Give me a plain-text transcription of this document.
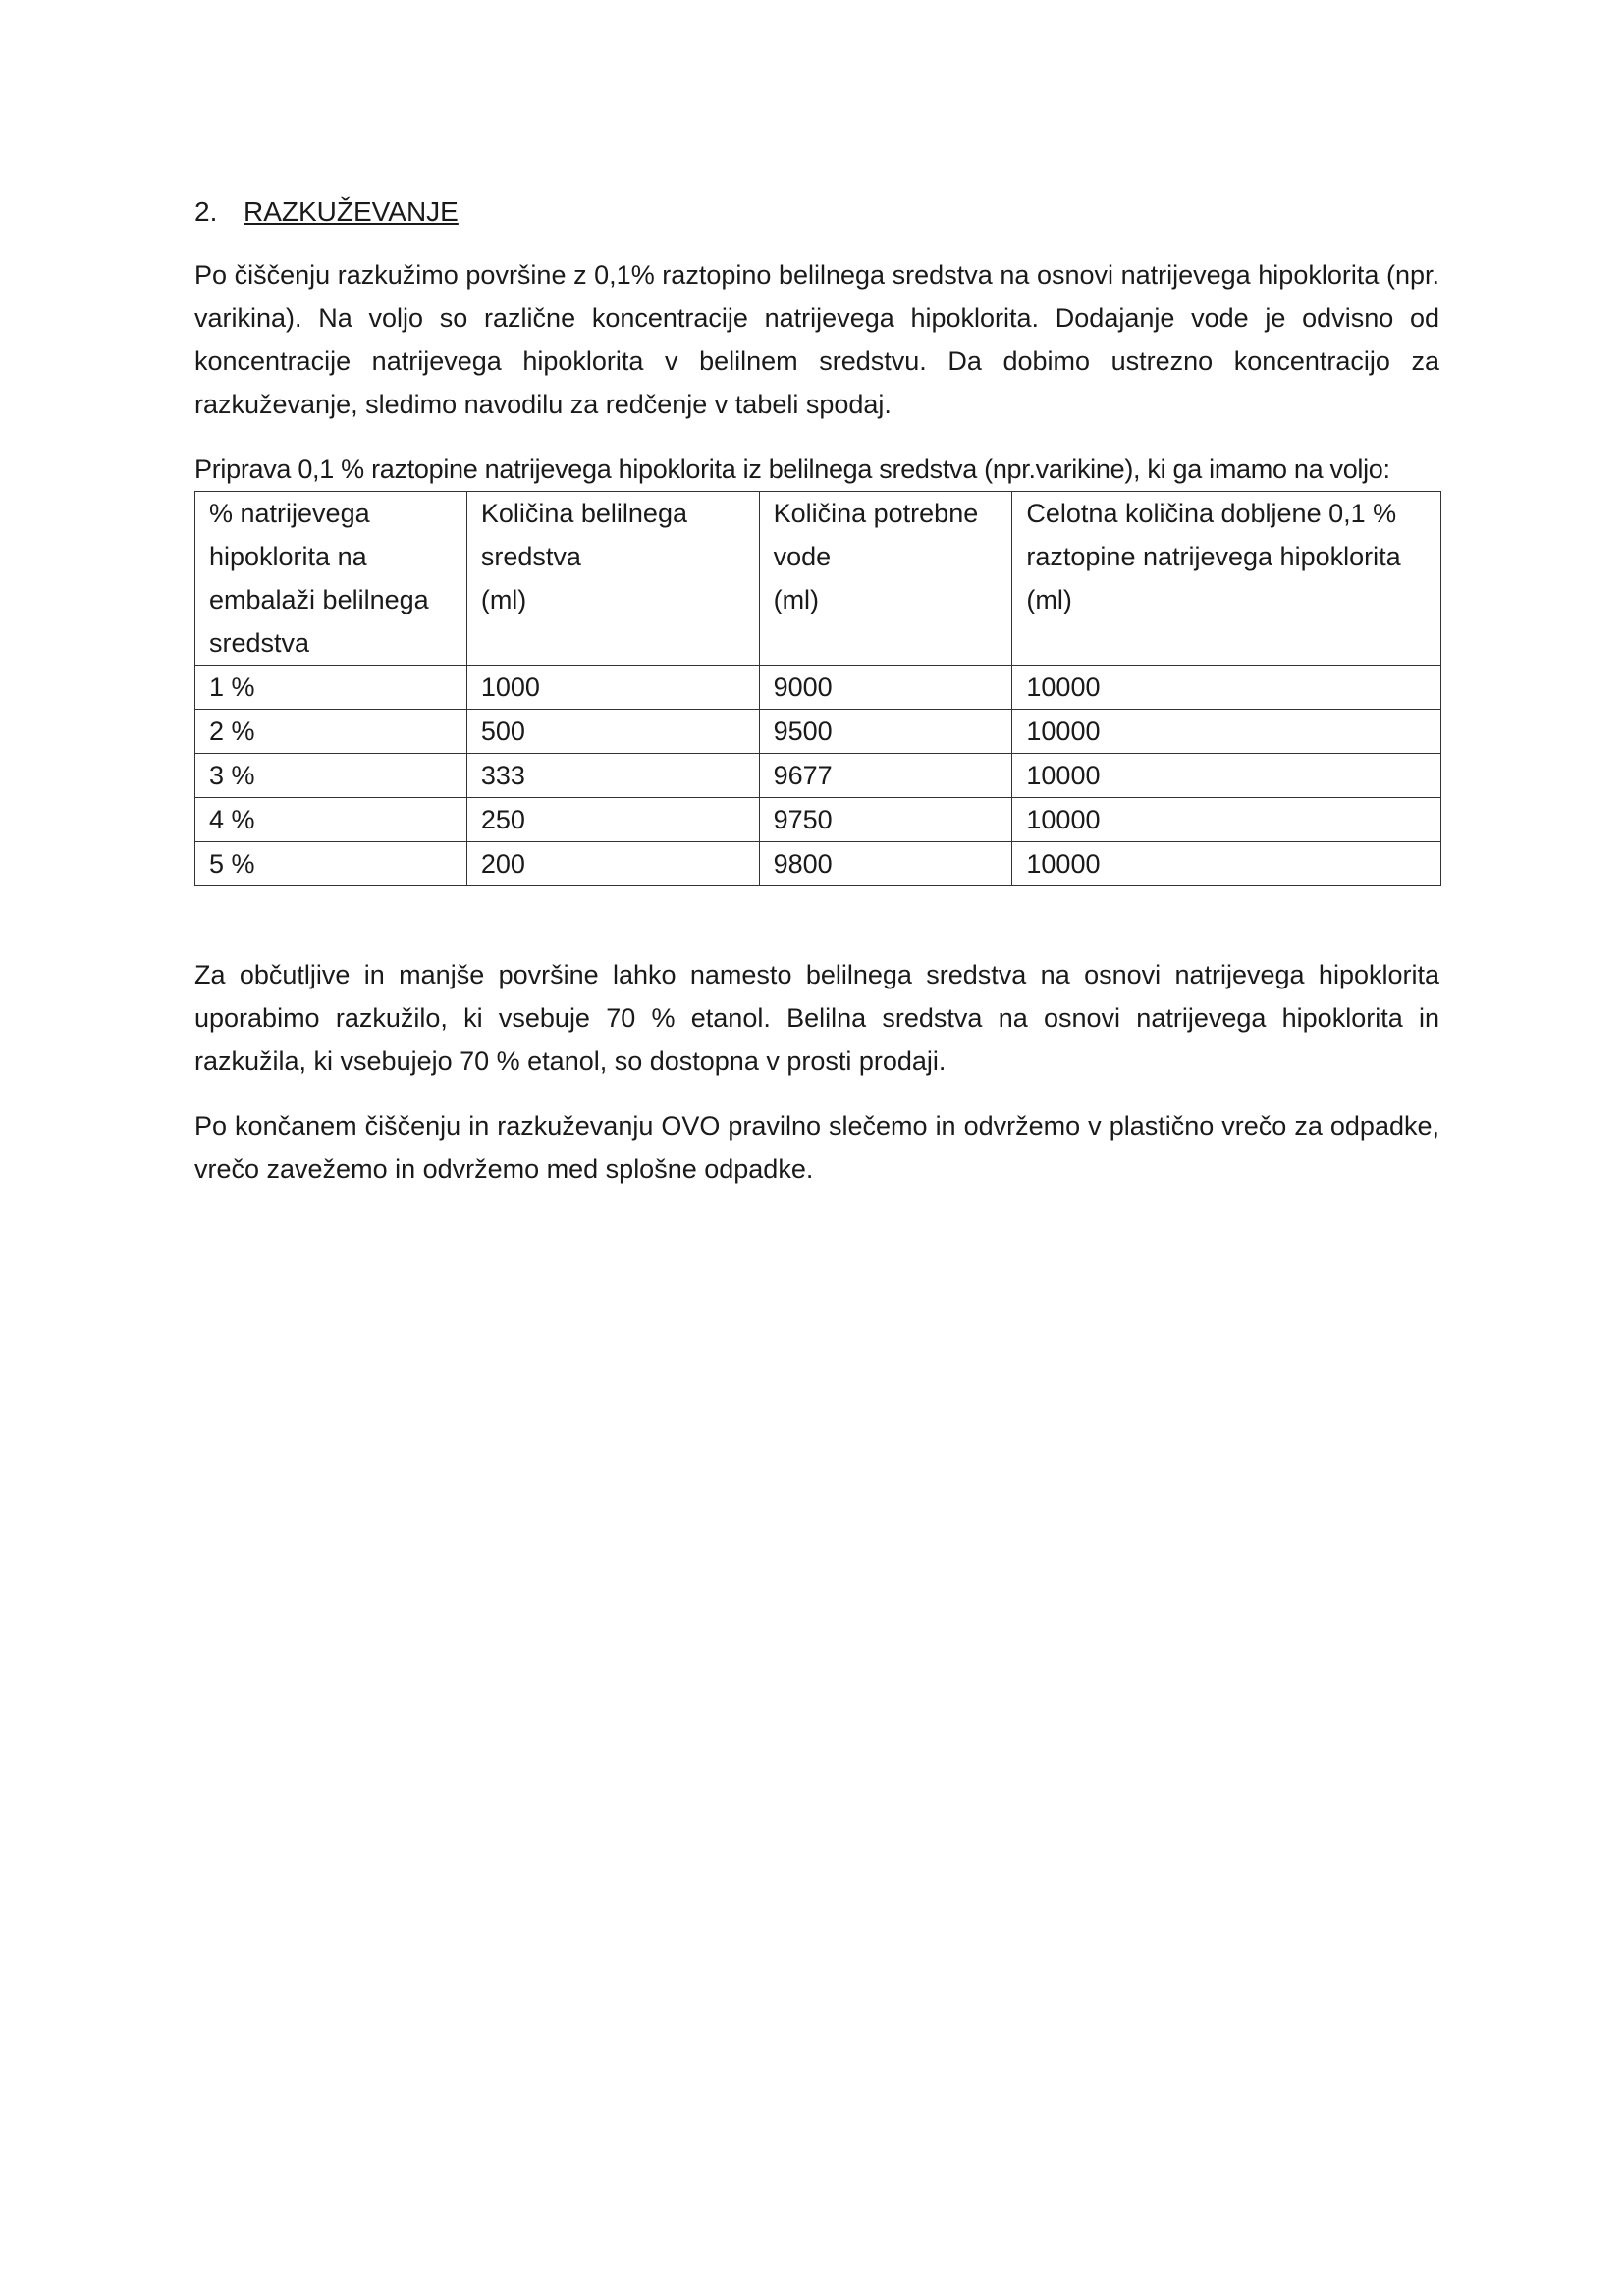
2. RAZKUŽEVANJE

Po čiščenju razkužimo površine z 0,1% raztopino belilnega sredstva na osnovi natrijevega hipoklorita (npr. varikina). Na voljo so različne koncentracije natrijevega hipoklorita. Dodajanje vode je odvisno od koncentracije natrijevega hipoklorita v belilnem sredstvu. Da dobimo ustrezno koncentracijo za razkuževanje, sledimo navodilu za redčenje v tabeli spodaj.

Priprava 0,1 % raztopine natrijevega hipoklorita iz belilnega sredstva (npr.varikine), ki ga imamo na voljo:

% natrijevega
hipoklorita na
embalaži belilnega
sredstva	Količina belilnega
sredstva
(ml)	Količina potrebne
vode
(ml)	Celotna količina dobljene 0,1 %
raztopine natrijevega hipoklorita
(ml)
1 %	1000	9000	10000
2 %	500	9500	10000
3 %	333	9677	10000
4 %	250	9750	10000
5 %	200	9800	10000

Za občutljive in manjše površine lahko namesto belilnega sredstva na osnovi natrijevega hipoklorita uporabimo razkužilo, ki vsebuje 70 % etanol. Belilna sredstva na osnovi natrijevega hipoklorita in razkužila, ki vsebujejo 70 % etanol, so dostopna v prosti prodaji.

Po končanem čiščenju in razkuževanju OVO pravilno slečemo in odvržemo v plastično vrečo za odpadke, vrečo zavežemo in odvržemo med splošne odpadke.
